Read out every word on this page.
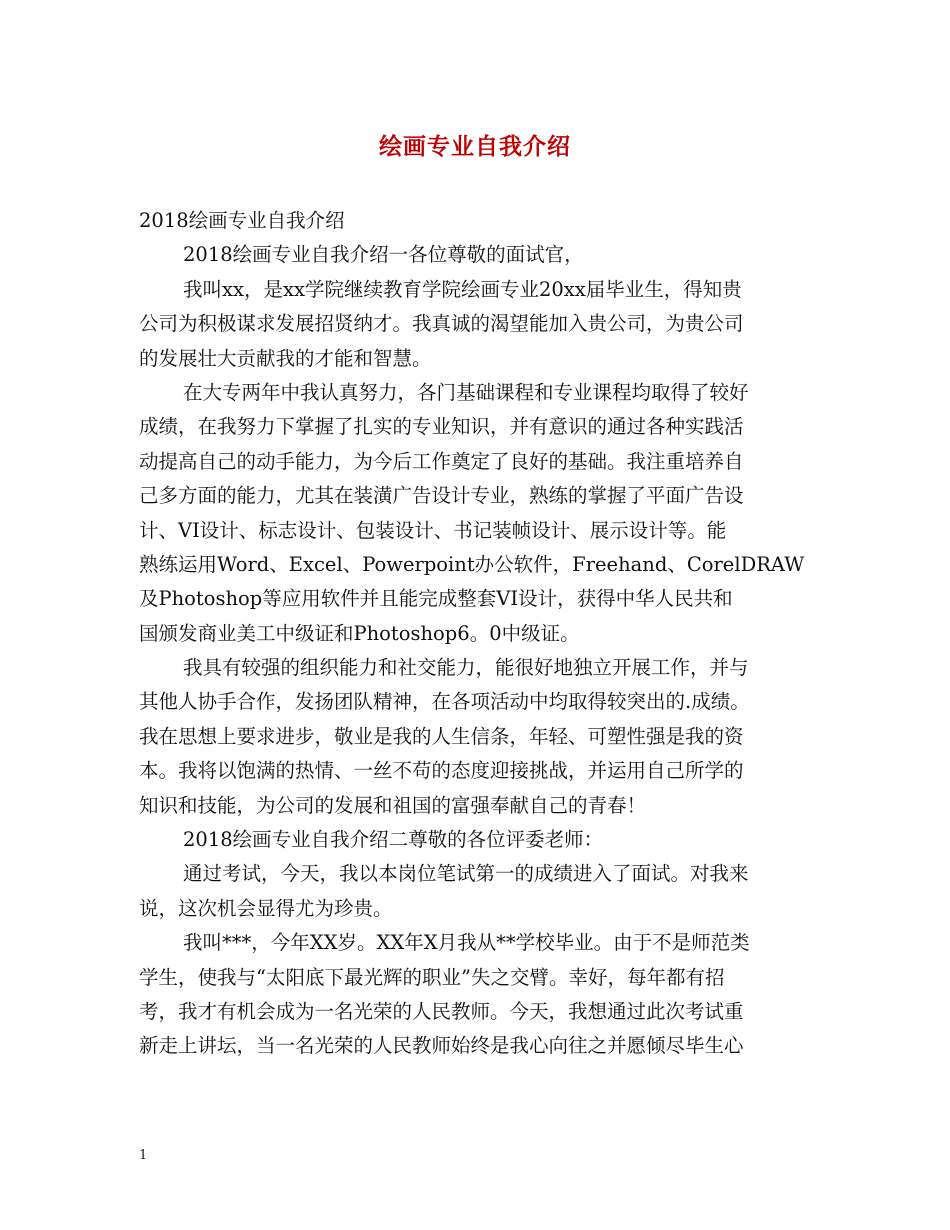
绘画专业自我介绍
2018绘画专业自我介绍
2018绘画专业自我介绍一各位尊敬的面试官，
我叫xx，是xx学院继续教育学院绘画专业20xx届毕业生，得知贵
公司为积极谋求发展招贤纳才。我真诚的渴望能加入贵公司，为贵公司
的发展壮大贡献我的才能和智慧。
在大专两年中我认真努力，各门基础课程和专业课程均取得了较好
成绩，在我努力下掌握了扎实的专业知识，并有意识的通过各种实践活
动提高自己的动手能力，为今后工作奠定了良好的基础。我注重培养自
己多方面的能力，尤其在装潢广告设计专业，熟练的掌握了平面广告设
计、VI设计、标志设计、包装设计、书记装帧设计、展示设计等。能
熟练运用Word、Excel、Powerpoint办公软件，Freehand、CorelDRAW
及Photoshop等应用软件并且能完成整套VI设计，获得中华人民共和
国颁发商业美工中级证和Photoshop6。0中级证。
我具有较强的组织能力和社交能力，能很好地独立开展工作，并与
其他人协手合作，发扬团队精神，在各项活动中均取得较突出的.成绩。
我在思想上要求进步，敬业是我的人生信条，年轻、可塑性强是我的资
本。我将以饱满的热情、一丝不苟的态度迎接挑战，并运用自己所学的
知识和技能，为公司的发展和祖国的富强奉献自己的青春！
2018绘画专业自我介绍二尊敬的各位评委老师：
通过考试，今天，我以本岗位笔试第一的成绩进入了面试。对我来
说，这次机会显得尤为珍贵。
我叫***，今年XX岁。XX年X月我从**学校毕业。由于不是师范类
学生，使我与“太阳底下最光辉的职业”失之交臂。幸好，每年都有招
考，我才有机会成为一名光荣的人民教师。今天，我想通过此次考试重
新走上讲坛，当一名光荣的人民教师始终是我心向往之并愿倾尽毕生心
1
